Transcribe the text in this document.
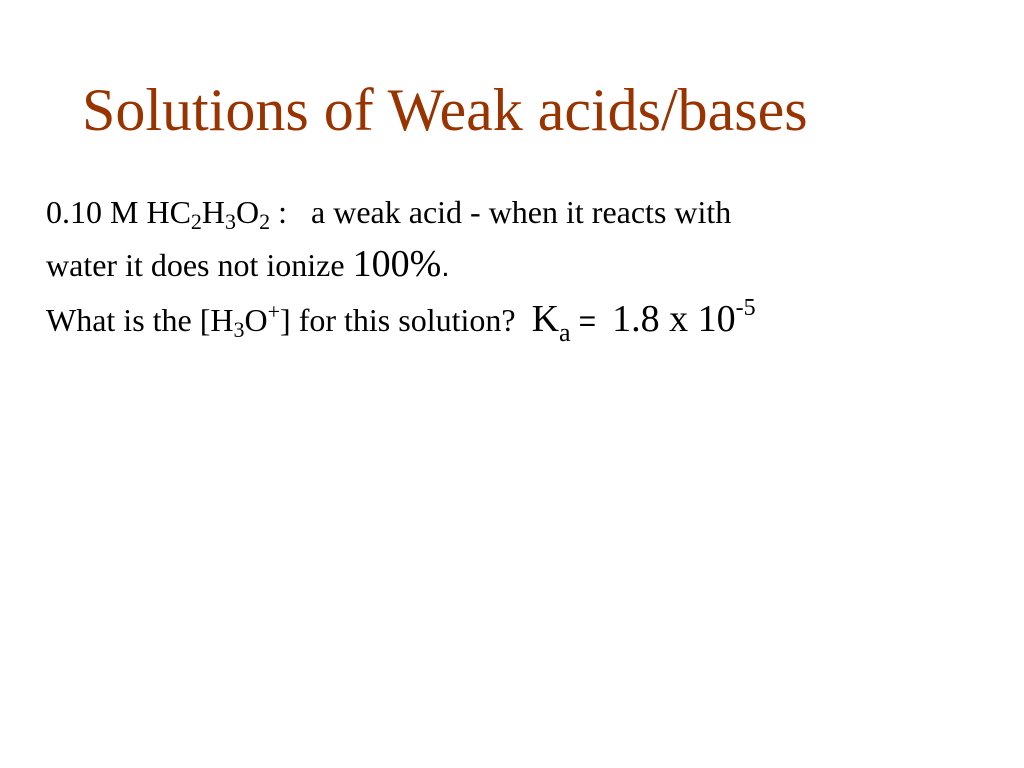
Solutions of Weak acids/bases
0.10 M $HC_2H_3O_2$ : a weak acid - when it reacts with
water it does not ionize 100%.
What is the $[H_3O^+]$ for this solution? $K_a = 1.8$ x $10^{-5}$
